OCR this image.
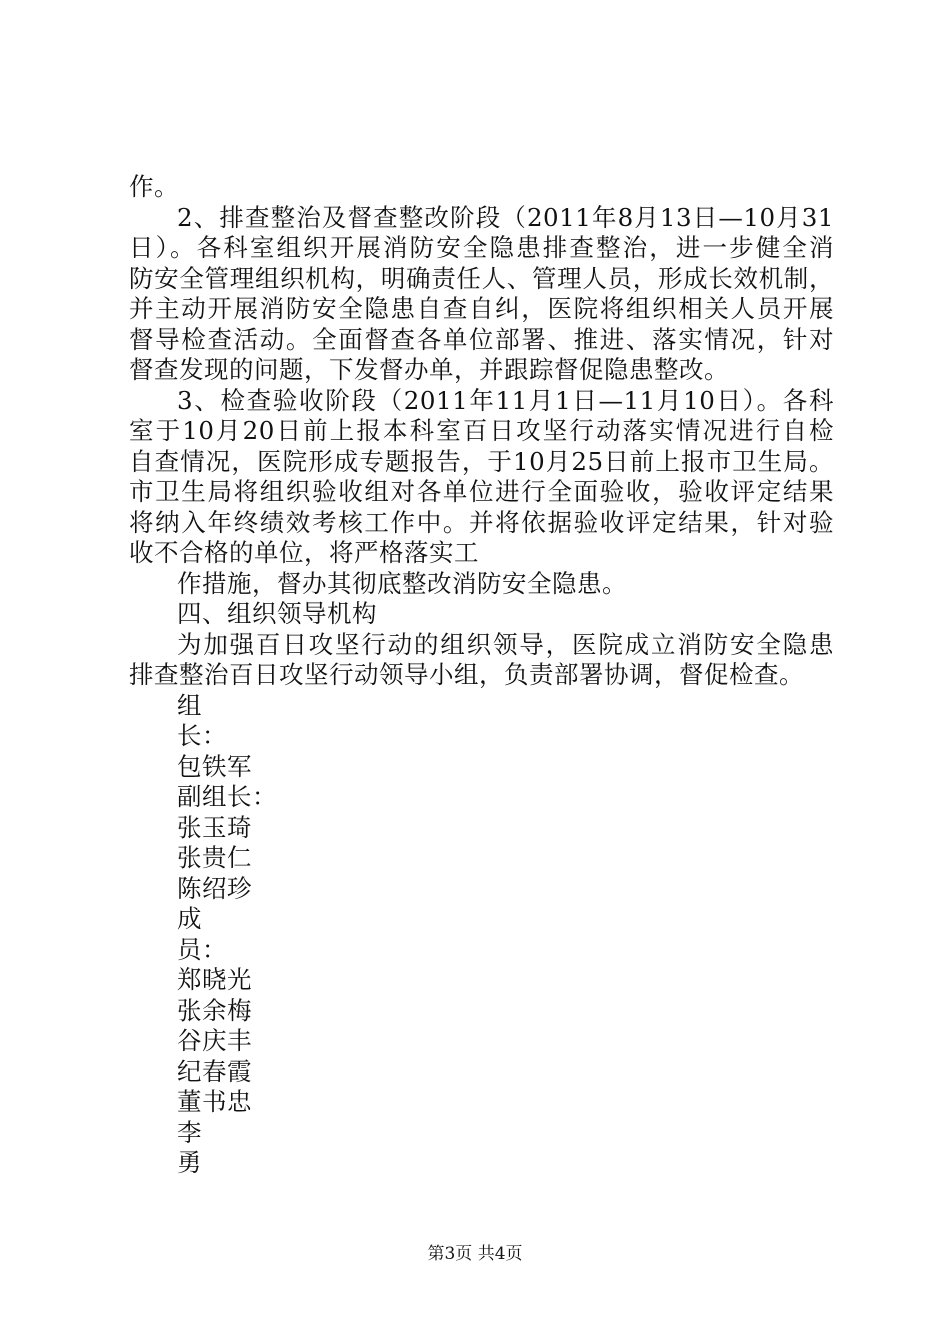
作。
2、排查整治及督查整改阶段（2011年8月13日—10月31
日）。各科室组织开展消防安全隐患排查整治，进一步健全消
防安全管理组织机构，明确责任人、管理人员，形成长效机制，
并主动开展消防安全隐患自查自纠，医院将组织相关人员开展
督导检查活动。全面督查各单位部署、推进、落实情况，针对
督查发现的问题，下发督办单，并跟踪督促隐患整改。
3、检查验收阶段（2011年11月1日—11月10日）。各科
室于10月20日前上报本科室百日攻坚行动落实情况进行自检
自查情况，医院形成专题报告，于10月25日前上报市卫生局。
市卫生局将组织验收组对各单位进行全面验收，验收评定结果
将纳入年终绩效考核工作中。并将依据验收评定结果，针对验
收不合格的单位，将严格落实工
作措施，督办其彻底整改消防安全隐患。
四、组织领导机构
为加强百日攻坚行动的组织领导，医院成立消防安全隐患
排查整治百日攻坚行动领导小组，负责部署协调，督促检查。
组
长：
包铁军
副组长：
张玉琦
张贵仁
陈绍珍
成
员：
郑晓光
张余梅
谷庆丰
纪春霞
董书忠
李
勇
第3页 共4页
